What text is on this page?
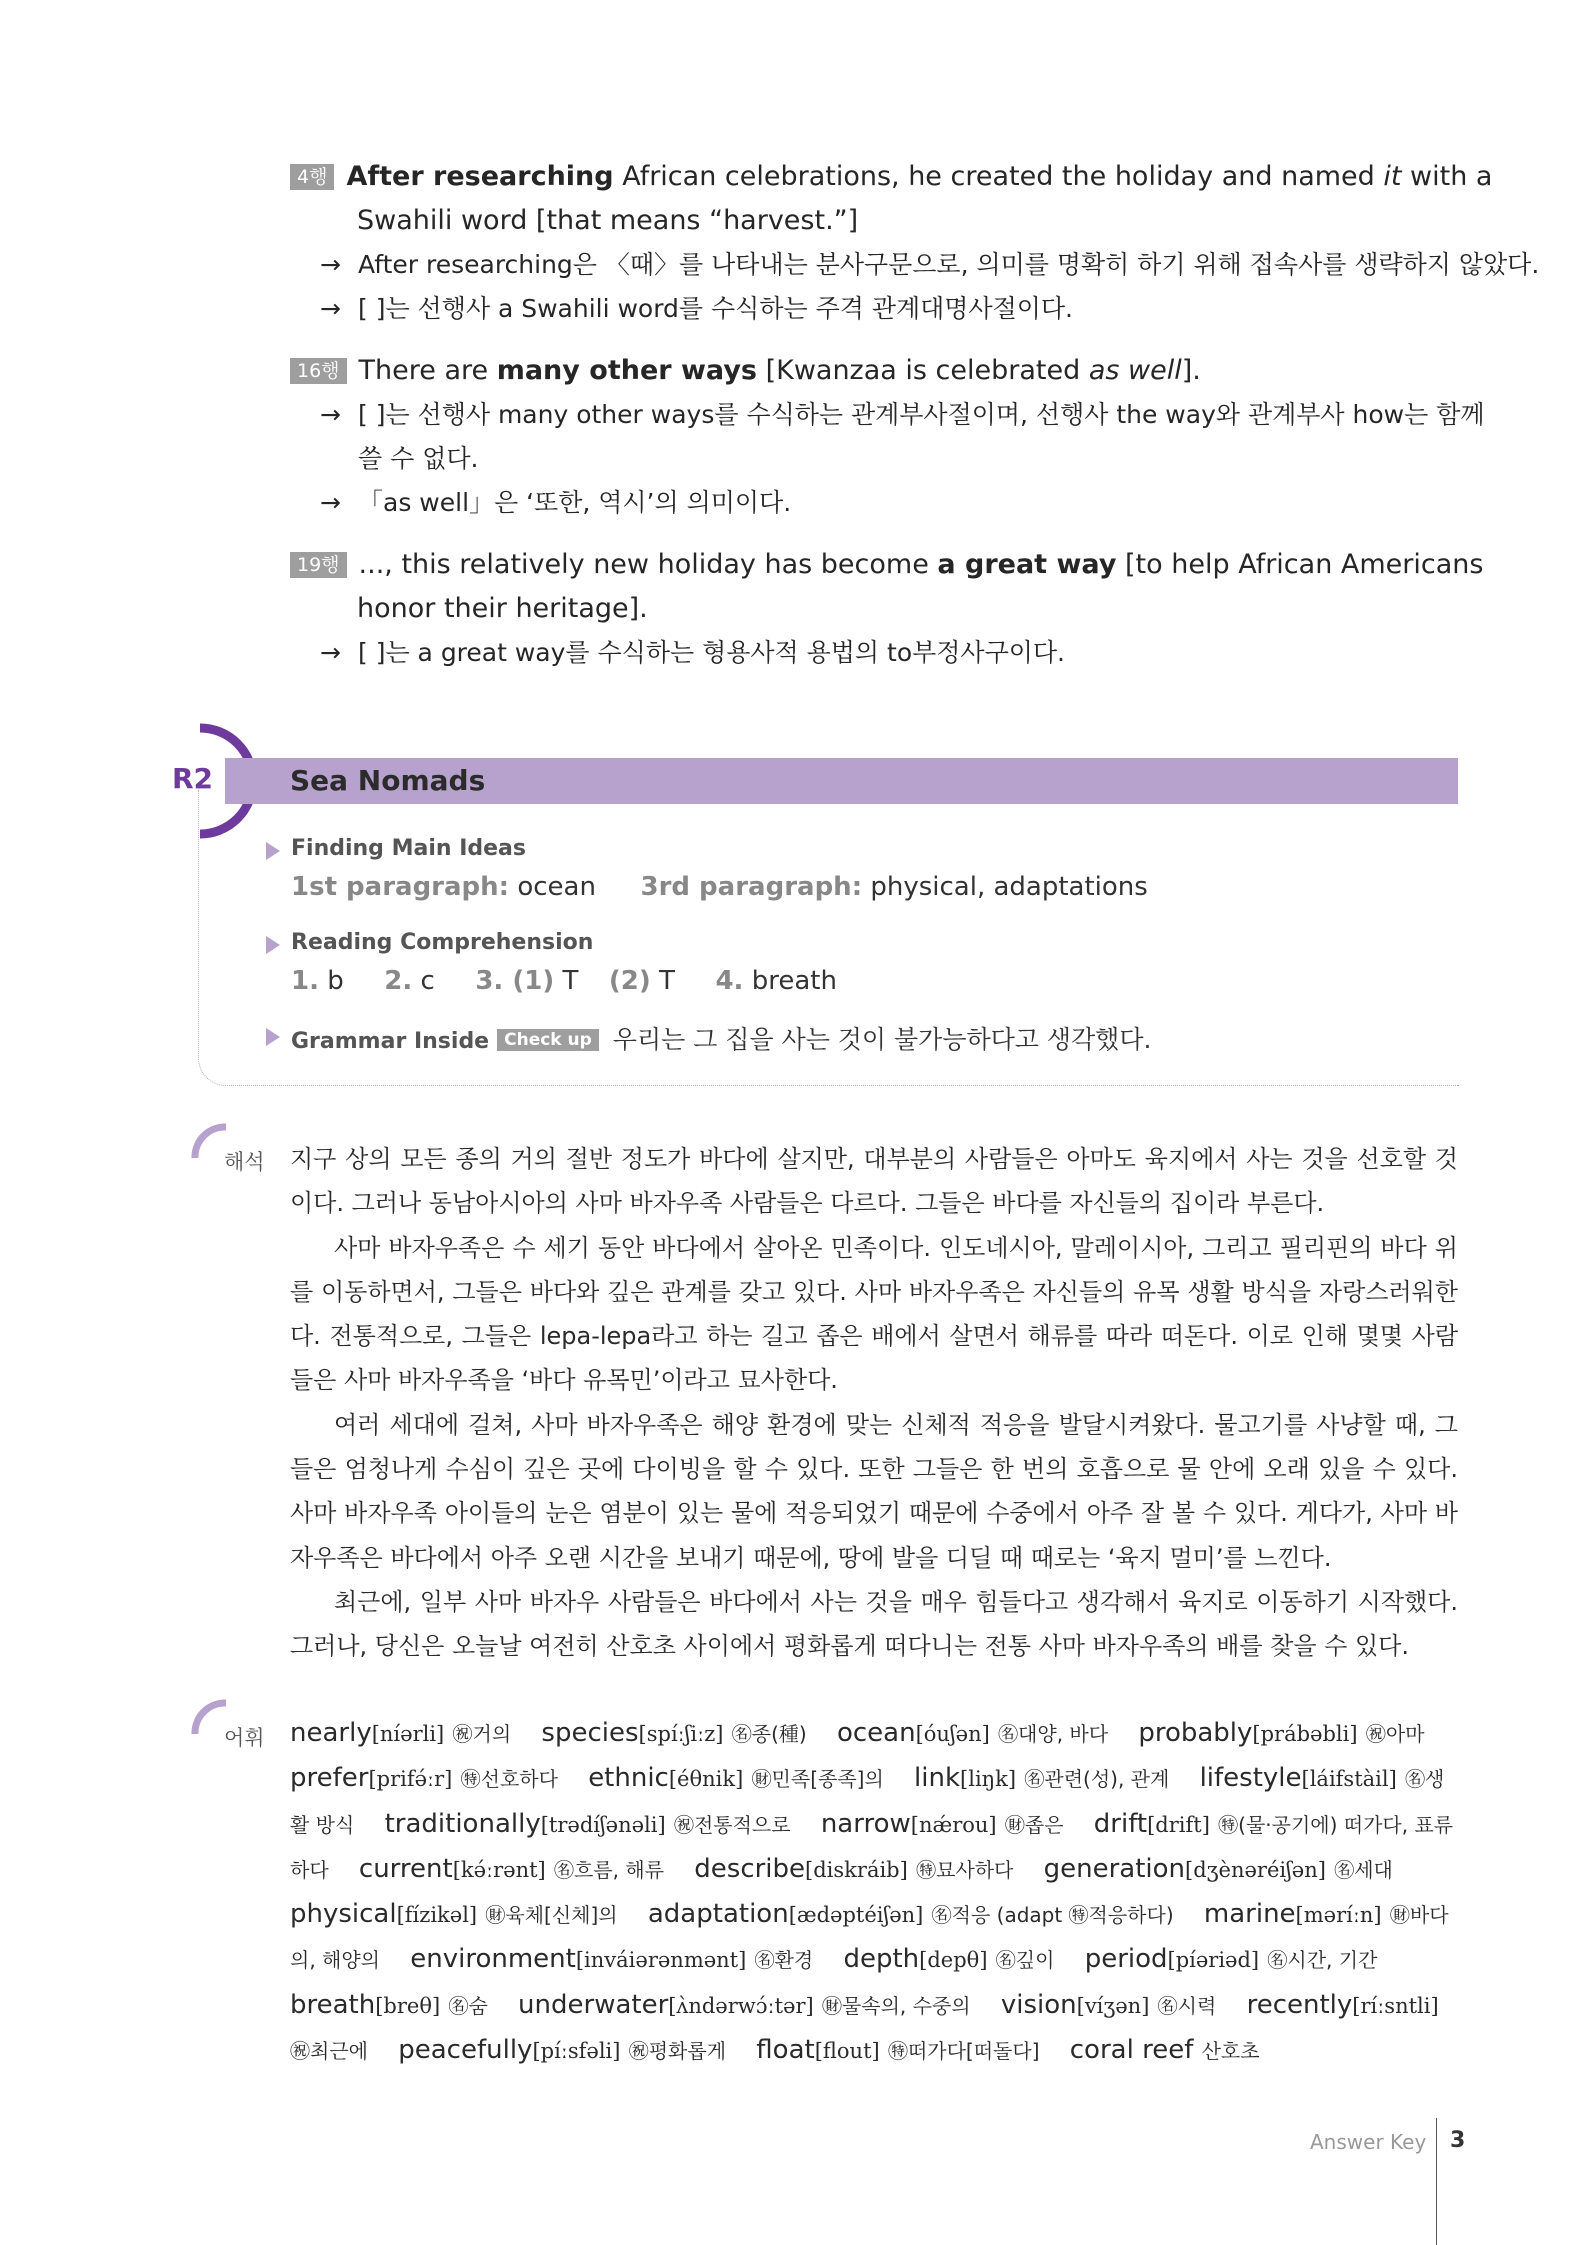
4행 After researching African celebrations, he created the holiday and named it with a
Swahili word [that means “harvest.”]
→ After researching은 〈때〉를 나타내는 분사구문으로, 의미를 명확히 하기 위해 접속사를 생략하지 않았다.
→ [ ]는 선행사 a Swahili word를 수식하는 주격 관계대명사절이다.
16행 There are many other ways [Kwanzaa is celebrated as well].
→ [ ]는 선행사 many other ways를 수식하는 관계부사절이며, 선행사 the way와 관계부사 how는 함께
쓸 수 없다.
→ 「as well」은 ‘또한, 역시’의 의미이다.
19행 ..., this relatively new holiday has become a great way [to help African Americans
honor their heritage].
→ [ ]는 a great way를 수식하는 형용사적 용법의 to부정사구이다.
R2	Sea Nomads
Finding Main Ideas
1st paragraph: ocean 3rd paragraph: physical, adaptations
Reading Comprehension
1. b 2. c 3. (1) T (2) T 4. breath
Grammar Inside Check up 우리는 그 집을 사는 것이 불가능하다고 생각했다.
해석 지구 상의 모든 종의 거의 절반 정도가 바다에 살지만, 대부분의 사람들은 아마도 육지에서 사는 것을 선호할 것이다. 그러나 동남아시아의 사마 바자우족 사람들은 다르다. 그들은 바다를 자신들의 집이라 부른다.

사마 바자우족은 수 세기 동안 바다에서 살아온 민족이다. 인도네시아, 말레이시아, 그리고 필리핀의 바다 위를 이동하면서, 그들은 바다와 깊은 관계를 갖고 있다. 사마 바자우족은 자신들의 유목 생활 방식을 자랑스러워한다. 전통적으로, 그들은 lepa-lepa라고 하는 길고 좁은 배에서 살면서 해류를 따라 떠돈다. 이로 인해 몇몇 사람들은 사마 바자우족을 ‘바다 유목민’이라고 묘사한다.

여러 세대에 걸쳐, 사마 바자우족은 해양 환경에 맞는 신체적 적응을 발달시켜왔다. 물고기를 사냥할 때, 그들은 엄청나게 수심이 깊은 곳에 다이빙을 할 수 있다. 또한 그들은 한 번의 호흡으로 물 안에 오래 있을 수 있다. 사마 바자우족 아이들의 눈은 염분이 있는 물에 적응되었기 때문에 수중에서 아주 잘 볼 수 있다. 게다가, 사마 바자우족은 바다에서 아주 오랜 시간을 보내기 때문에, 땅에 발을 디딜 때 때로는 ‘육지 멀미’를 느낀다.

최근에, 일부 사마 바자우 사람들은 바다에서 사는 것을 매우 힘들다고 생각해서 육지로 이동하기 시작했다. 그러나, 당신은 오늘날 여전히 산호초 사이에서 평화롭게 떠다니는 전통 사마 바자우족의 배를 찾을 수 있다.

어휘 nearly[níərli] ㊗거의 species[spíːʃiːz] ㊔종(種) ocean[óuʃən] ㊔대양, 바다 probably[prábəbli] ㊗아마 prefer[prifə́ːr] ㊕선호하다 ethnic[éθnik] ㊖민족[종족]의 link[liŋk] ㊔관련(성), 관계 lifestyle[láifstàil] ㊔생활 방식 traditionally[trədíʃənəli] ㊗전통적으로 narrow[nǽrou] ㊖좁은 drift[drift] ㊕(물·공기에) 떠가다, 표류하다 current[kə́ːrənt] ㊔흐름, 해류 describe[diskráib] ㊕묘사하다 generation[dʒènəréiʃən] ㊔세대 physical[fízikəl] ㊖육체[신체]의 adaptation[ædəptéiʃən] ㊔적응 (adapt ㊕적응하다) marine[məríːn] ㊖바다의, 해양의 environment[inváiərənmənt] ㊔환경 depth[depθ] ㊔깊이 period[píəriəd] ㊔시간, 기간 breath[breθ] ㊔숨 underwater[ʌ̀ndərwɔ́ːtər] ㊖물속의, 수중의 vision[víʒən] ㊔시력 recently[ríːsntli] ㊗최근에 peacefully[píːsfəli] ㊗평화롭게 float[flout] ㊕떠가다[떠돌다] coral reef 산호초
Answer Key 3
